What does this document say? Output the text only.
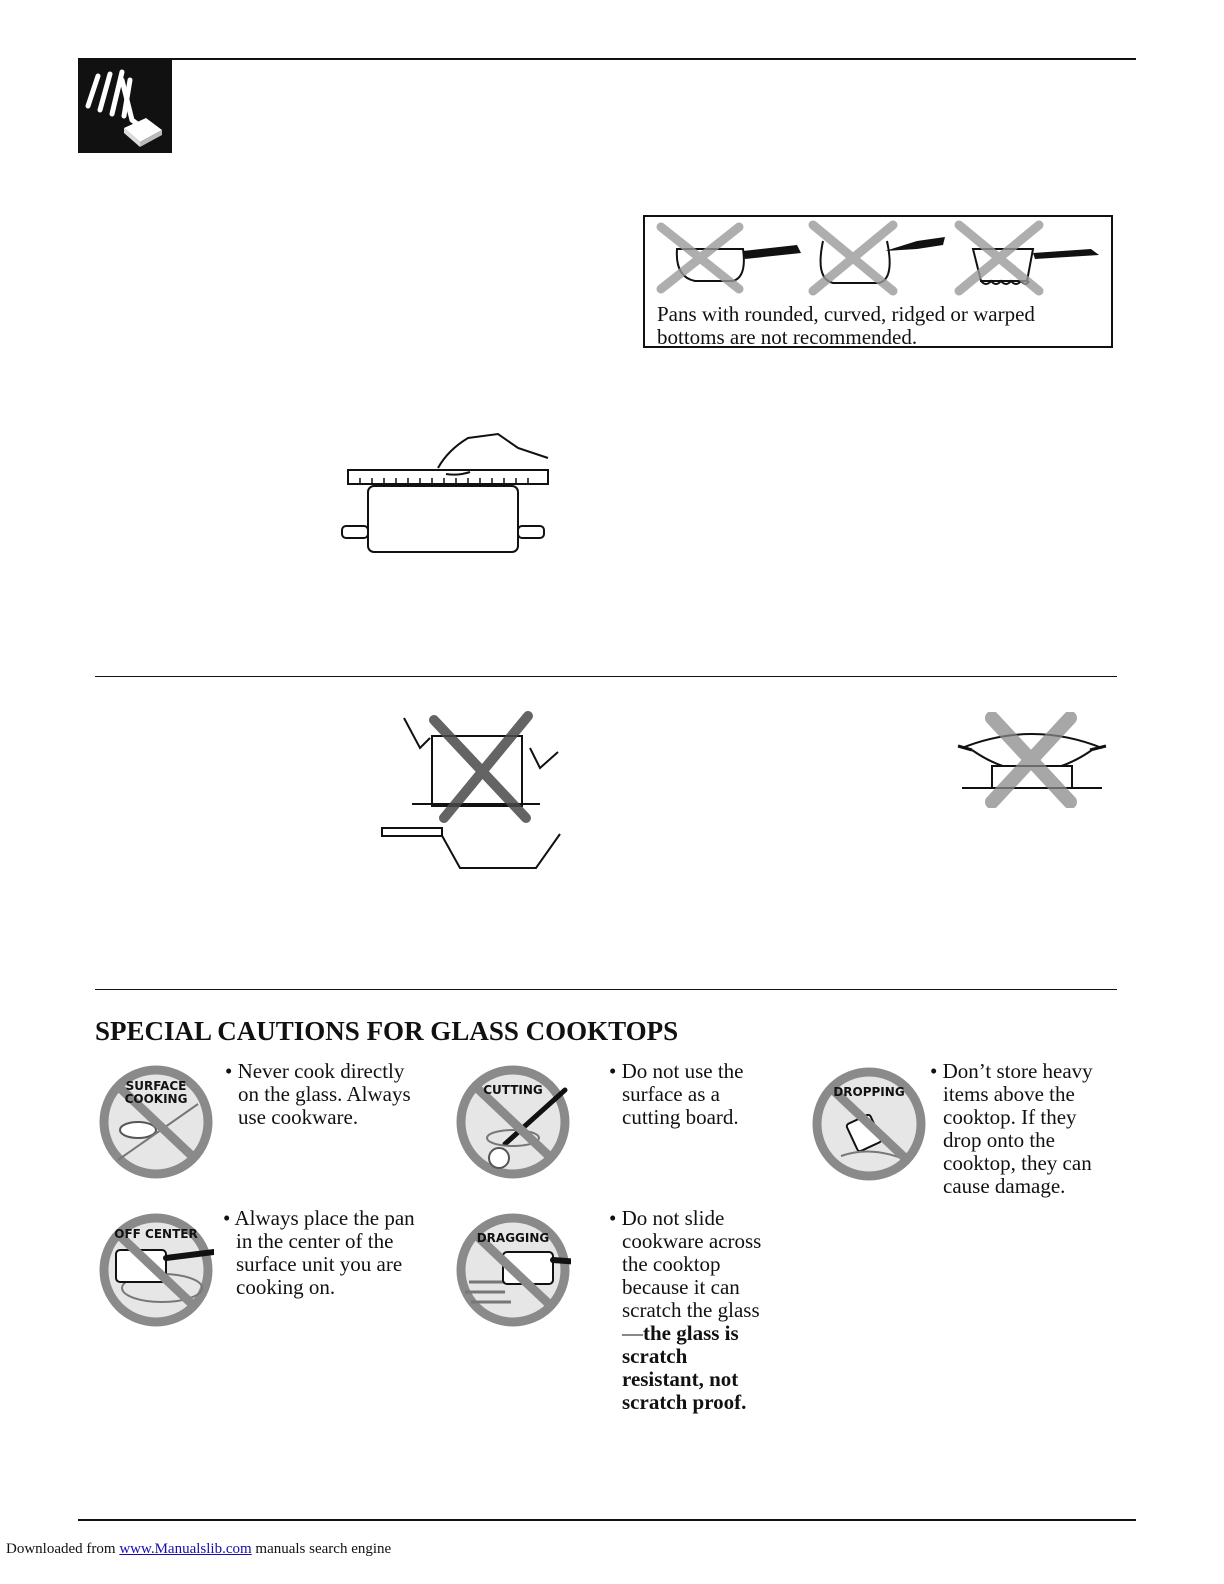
Pans with rounded, curved, ridged or warped bottoms are not recommended.
SPECIAL CAUTIONS FOR GLASS COOKTOPS
SURFACE
COOKING
• Never cook directly on the glass. Always use cookware.
CUTTING
• Do not use the surface as a cutting board.
DROPPING
• Don’t store heavy items above the cooktop. If they drop onto the cooktop, they can cause damage.
OFF CENTER
• Always place the pan in the center of the surface unit you are cooking on.
DRAGGING
• Do not slide cookware across the cooktop because it can scratch the glass—the glass is scratch resistant, not scratch proof.
Downloaded from www.Manualslib.com manuals search engine
